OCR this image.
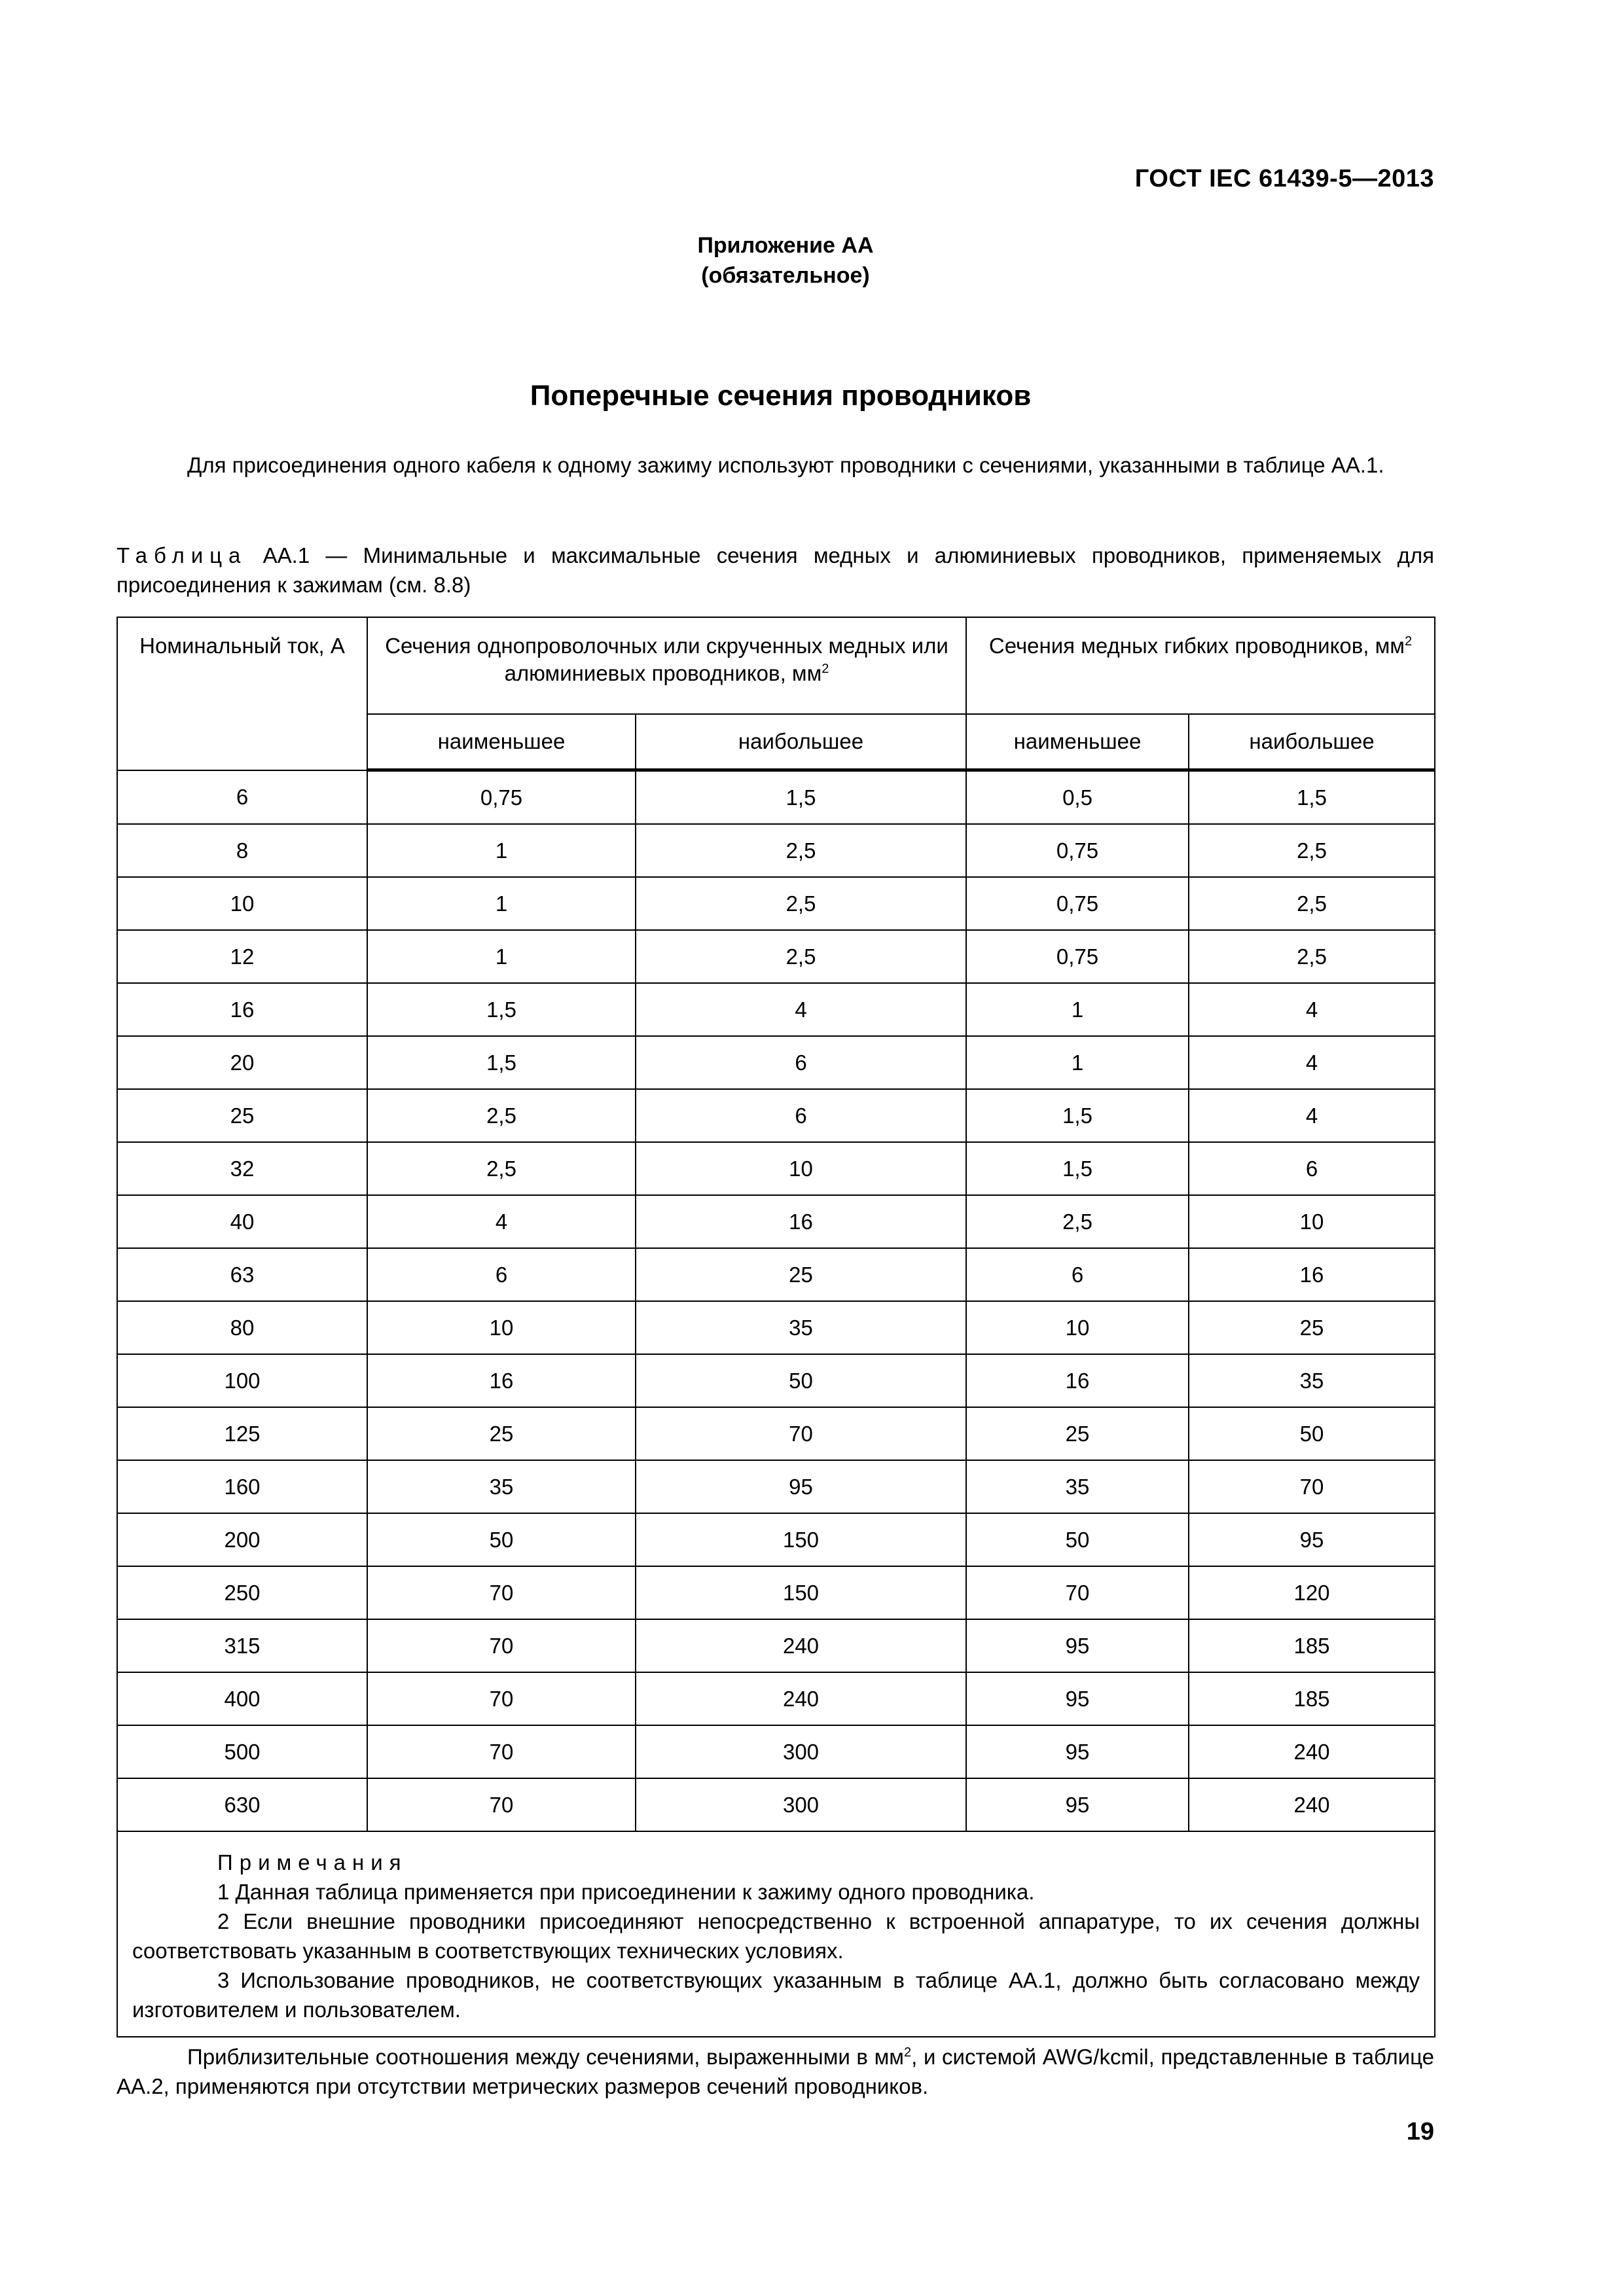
ГОСТ IEC 61439-5—2013
Приложение АА
(обязательное)
Поперечные сечения проводников
Для присоединения одного кабеля к одному зажиму используют проводники с сечениями, указанными в таблице АА.1.
Таблица АА.1 — Минимальные и максимальные сечения медных и алюминиевых проводников, применяемых для присоединения к зажимам (см. 8.8)
Номинальный ток, А	Сечения однопроволочных или скрученных медных или алюминиевых проводников, $мм^2$		Сечения медных гибких проводников, $мм^2$
	наименьшее	наибольшее	наименьшее	наибольшее
6	0,75	1,5	0,5	1,5
8	1	2,5	0,75	2,5
10	1	2,5	0,75	2,5
12	1	2,5	0,75	2,5
16	1,5	4	1	4
20	1,5	6	1	4
25	2,5	6	1,5	4
32	2,5	10	1,5	6
40	4	16	2,5	10
63	6	25	6	16
80	10	35	10	25
100	16	50	16	35
125	25	70	25	50
160	35	95	35	70
200	50	150	50	95
250	70	150	70	120
315	70	240	95	185
400	70	240	95	185
500	70	300	95	240
630	70	300	95	240

Примечания
1 Данная таблица применяется при присоединении к зажиму одного проводника.
2 Если внешние проводники присоединяют непосредственно к встроенной аппаратуре, то их сечения должны соответствовать указанным в соответствующих технических условиях.
3 Использование проводников, не соответствующих указанным в таблице АА.1, должно быть согласовано между изготовителем и пользователем.				
Приблизительные соотношения между сечениями, выраженными в $мм^2$, и системой AWG/kcmil, представленные в таблице АА.2, применяются при отсутствии метрических размеров сечений проводников.
19
